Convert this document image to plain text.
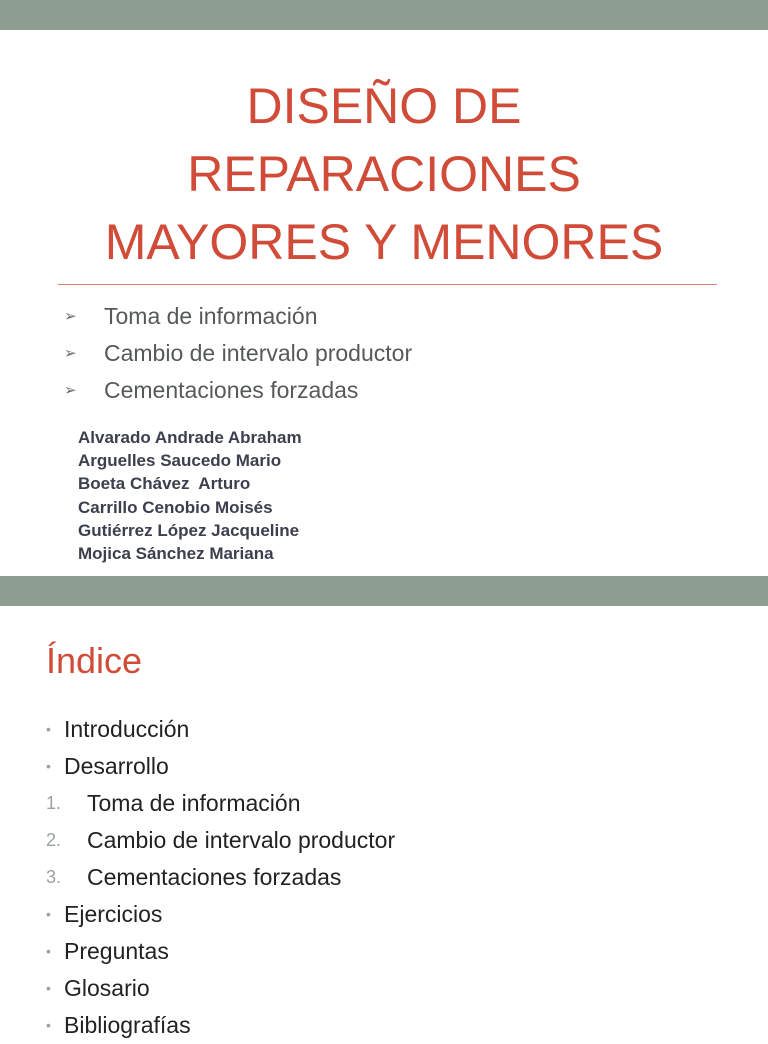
DISEÑO DE
REPARACIONES
MAYORES Y MENORES
➢	Toma de información
➢	Cambio de intervalo productor
➢	Cementaciones forzadas
Alvarado Andrade Abraham
Arguelles Saucedo Mario
Boeta Chávez  Arturo
Carrillo Cenobio Moisés
Gutiérrez López Jacqueline
Mojica Sánchez Mariana
Índice
• Introducción
• Desarrollo
1.	Toma de información
2.	Cambio de intervalo productor
3.	Cementaciones forzadas
• Ejercicios
• Preguntas
• Glosario
• Bibliografías
